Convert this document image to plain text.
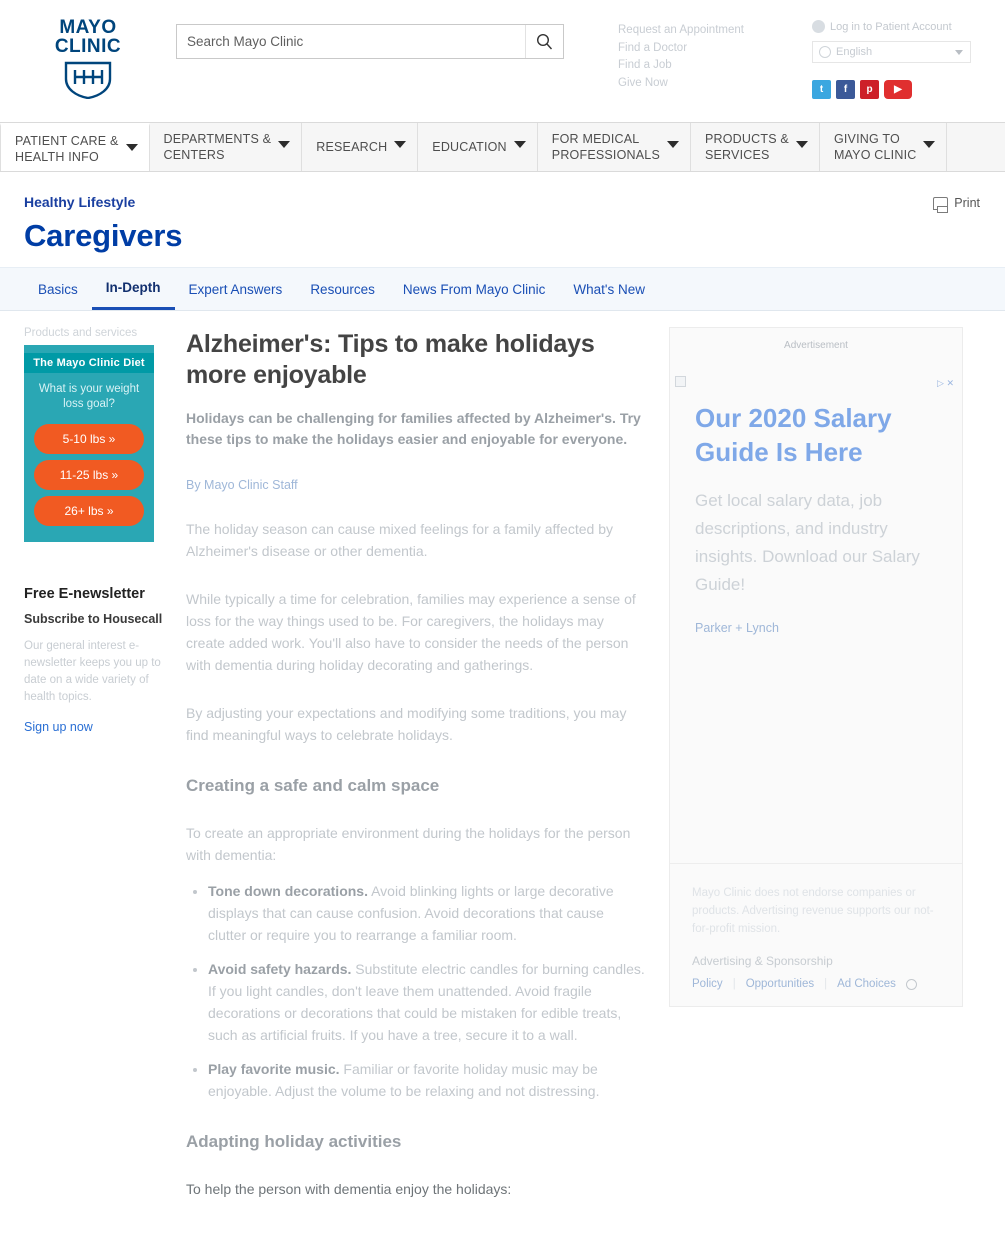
MAYO
CLINIC
Search Mayo Clinic
Request an Appointment
Find a Doctor
Find a Job
Give Now
Log in to Patient Account
English
t	f	p	▶
PATIENT CARE &
HEALTH INFO
DEPARTMENTS &
CENTERS
RESEARCH	EDUCATION
FOR MEDICAL
PROFESSIONALS
PRODUCTS &
SERVICES
GIVING TO
MAYO CLINIC
Healthy Lifestyle
Caregivers
Print
Basics	In-Depth	Expert Answers	Resources	News From Mayo Clinic	What's New
Products and services
The Mayo Clinic Diet
What is your weight loss goal?
5-10 lbs »
11-25 lbs »
26+ lbs »
Free E-newsletter
Subscribe to Housecall
Our general interest e-newsletter keeps you up to date on a wide variety of health topics.
Sign up now
Alzheimer's: Tips to make holidays more enjoyable

Holidays can be challenging for families affected by Alzheimer's. Try these tips to make the holidays easier and enjoyable for everyone.

By Mayo Clinic Staff

The holiday season can cause mixed feelings for a family affected by Alzheimer's disease or other dementia.

While typically a time for celebration, families may experience a sense of loss for the way things used to be. For caregivers, the holidays may create added work. You'll also have to consider the needs of the person with dementia during holiday decorating and gatherings.

By adjusting your expectations and modifying some traditions, you may find meaningful ways to celebrate holidays.

Creating a safe and calm space

To create an appropriate environment during the holidays for the person with dementia:

• Tone down decorations. Avoid blinking lights or large decorative displays that can cause confusion. Avoid decorations that cause clutter or require you to rearrange a familiar room.
• Avoid safety hazards. Substitute electric candles for burning candles. If you light candles, don't leave them unattended. Avoid fragile decorations or decorations that could be mistaken for edible treats, such as artificial fruits. If you have a tree, secure it to a wall.
• Play favorite music. Familiar or favorite holiday music may be enjoyable. Adjust the volume to be relaxing and not distressing.
Adapting holiday activities

To help the person with dementia enjoy the holidays:

Advertisement
▷ ✕
Our 2020 Salary Guide Is Here
Get local salary data, job descriptions, and industry insights. Download our Salary Guide!
Parker + Lynch
Mayo Clinic does not endorse companies or products. Advertising revenue supports our not-for-profit mission.
Advertising & Sponsorship
Policy | Opportunities | Ad Choices
